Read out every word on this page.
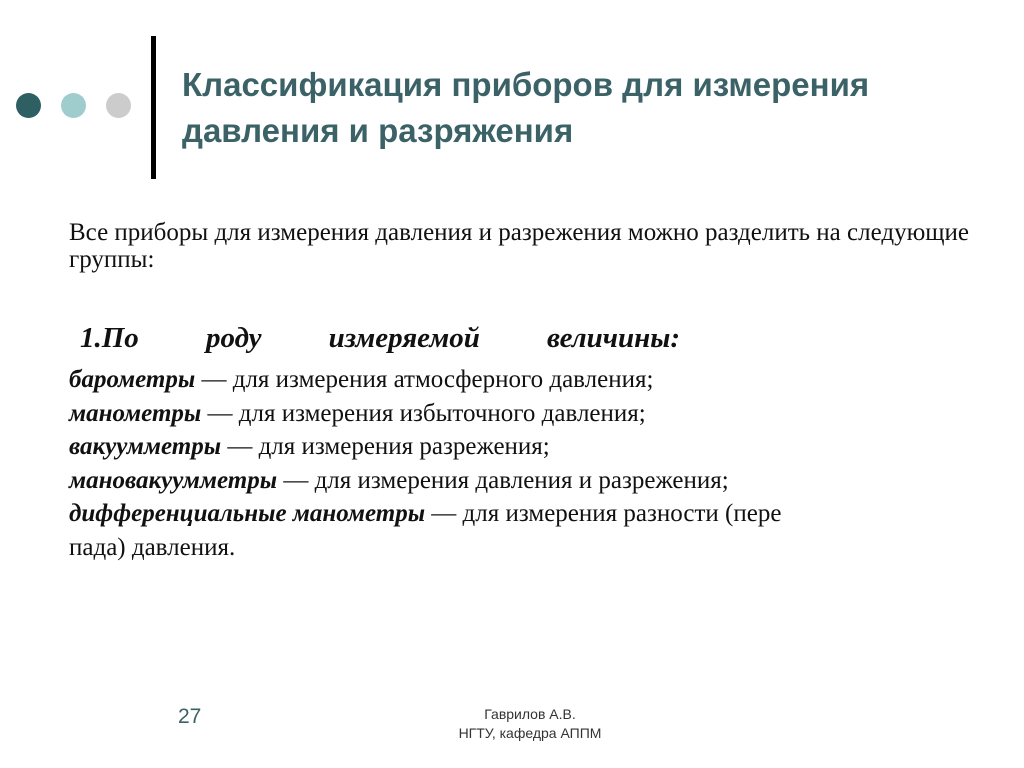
Классификация приборов для измерения давления и разряжения

Все приборы для измерения давления и разрежения можно разделить на следующие группы:

1.По роду измеряемой величины:
барометры — для измерения атмосферного давления;
манометры — для измерения избыточного давления;
вакуумметры — для измерения разрежения;
мановакуумметры — для измерения давления и разрежения;
дифференциальные манометры — для измерения разности (пере
пада) давления.
27	Гаврилов А.В.
НГТУ, кафедра АППМ
